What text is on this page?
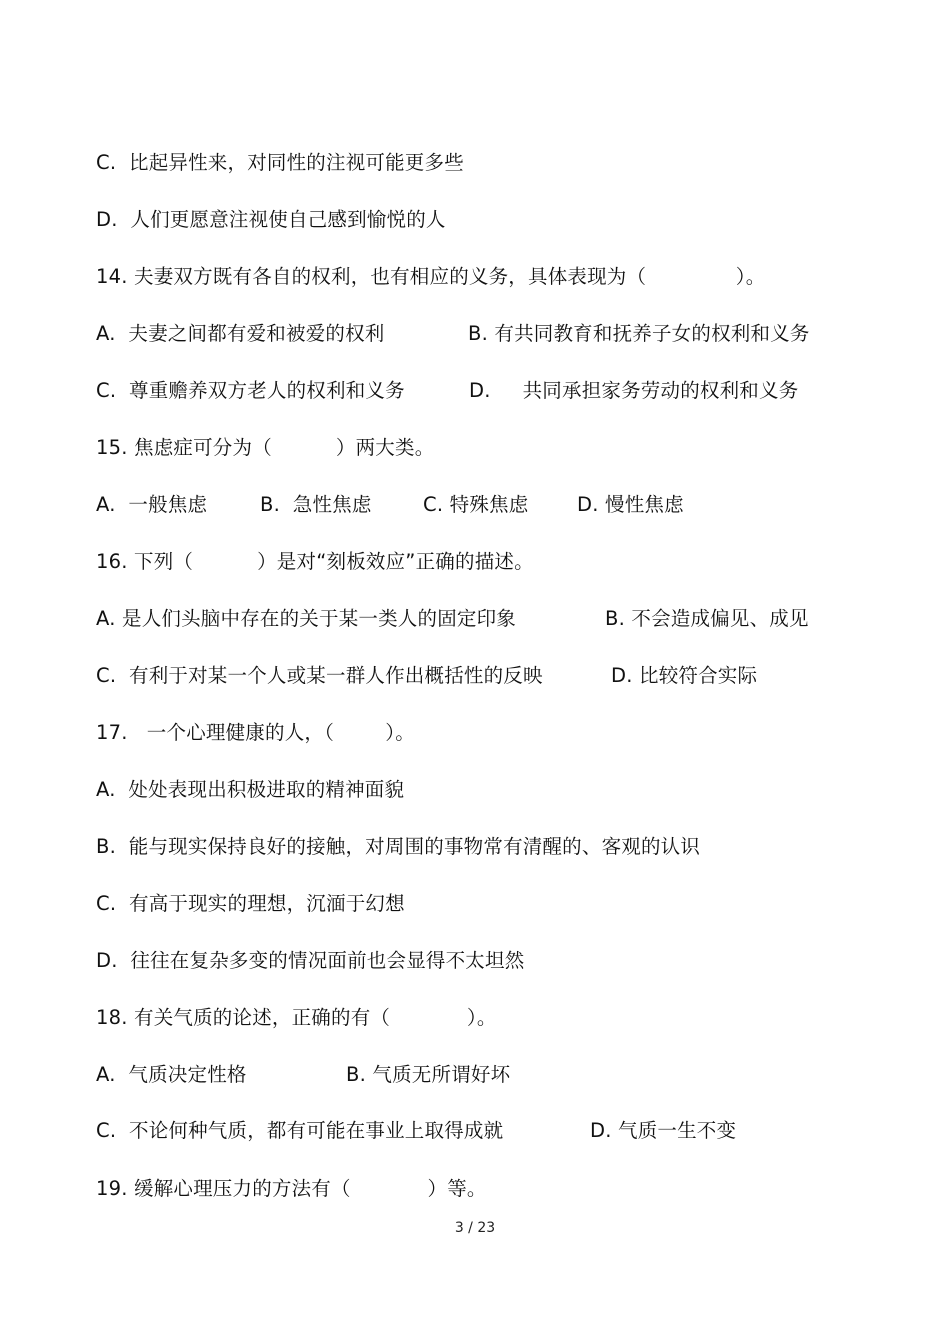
C.  比起异性来，对同性的注视可能更多些

D.  人们更愿意注视使自己感到愉悦的人

14. 夫妻双方既有各自的权利，也有相应的义务，具体表现为（              ）。

A.  夫妻之间都有爱和被爱的权利

	B. 有共同教育和抚养子女的权利和义务

C.  尊重赡养双方老人的权利和义务

	D.     共同承担家务劳动的权利和义务

15. 焦虑症可分为（          ）两大类。

A.  一般焦虑

	B.  急性焦虑

	C. 特殊焦虑

D. 慢性焦虑

16. 下列（          ）是对“刻板效应”正确的描述。

A. 是人们头脑中存在的关于某一类人的固定印象

	B. 不会造成偏见、成见

C.  有利于对某一个人或某一群人作出概括性的反映

	D. 比较符合实际

17.   一个心理健康的人，（        ）。

A.  处处表现出积极进取的精神面貌

B.  能与现实保持良好的接触，对周围的事物常有清醒的、客观的认识

C.  有高于现实的理想，沉湎于幻想

D.  往往在复杂多变的情况面前也会显得不太坦然

18. 有关气质的论述，正确的有（            ）。

A.  气质决定性格

	B. 气质无所谓好坏

C.  不论何种气质，都有可能在事业上取得成就

	D. 气质一生不变

19. 缓解心理压力的方法有（            ）等。

3 / 23
